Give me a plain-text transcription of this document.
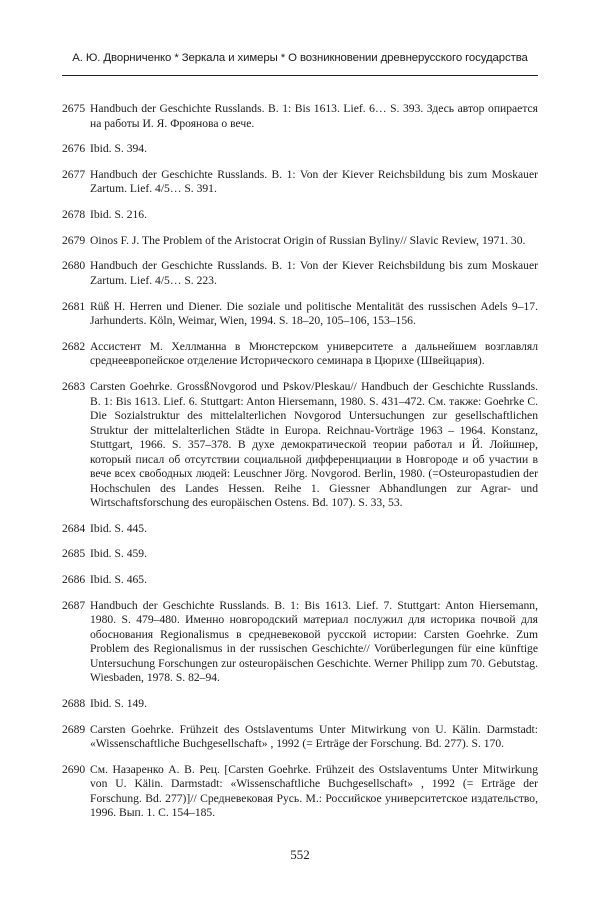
А. Ю. Дворниченко * Зеркала и химеры * О возникновении древнерусского государства
2675 Handbuch der Geschichte Russlands. B. 1: Bis 1613. Lief. 6… S. 393. Здесь автор опирается на работы И. Я. Фроянова о вече.
2676 Ibid. S. 394.
2677 Handbuch der Geschichte Russlands. B. 1: Von der Kiever Reichsbildung bis zum Moskauer Zartum. Lief. 4/5… S. 391.
2678 Ibid. S. 216.
2679 Oinos F. J. The Problem of the Aristocrat Origin of Russian Byliny// Slavic Review, 1971. 30.
2680 Handbuch der Geschichte Russlands. B. 1: Von der Kiever Reichsbildung bis zum Moskauer Zartum. Lief. 4/5… S. 223.
2681 Rüß H. Herren und Diener. Die soziale und politische Mentalität des russischen Adels 9–17. Jarhunderts. Köln, Weimar, Wien, 1994. S. 18–20, 105–106, 153–156.
2682 Ассистент М. Хеллманна в Мюнстерском университете а дальнейшем возглавлял среднеевропейское отделение Исторического семинара в Цюрихе (Швейцария).
2683 Carsten Goehrke. GrossßNovgorod und Pskov/Pleskau// Handbuch der Geschichte Russlands. B. 1: Bis 1613. Lief. 6. Stuttgart: Anton Hiersemann, 1980. S. 431–472. См. также: Goehrke C. Die Sozialstruktur des mittelalterlichen Novgorod Untersuchungen zur gesellschaftlichen Struktur der mittelalterlichen Städte in Europa. Reichnau-Vorträge 1963 – 1964. Konstanz, Stuttgart, 1966. S. 357–378. В духе демократической теории работал и Й. Лойшнер, который писал об отсутствии социальной дифференциации в Новгороде и об участии в вече всех свободных людей: Leuschner Jörg. Novgorod. Berlin, 1980. (=Osteuropastudien der Hochschulen des Landes Hessen. Reihe 1. Giessner Abhandlungen zur Agrar- und Wirtschaftsforschung des europäischen Ostens. Bd. 107). S. 33, 53.
2684 Ibid. S. 445.
2685 Ibid. S. 459.
2686 Ibid. S. 465.
2687 Handbuch der Geschichte Russlands. B. 1: Bis 1613. Lief. 7. Stuttgart: Anton Hiersemann, 1980. S. 479–480. Именно новгородский материал послужил для историка почвой для обоснования Regionalismus в средневековой русской истории: Carsten Goehrke. Zum Problem des Regionalismus in der russischen Geschichte// Vorüberlegungen für eine künftige Untersuchung Forschungen zur osteuropäischen Geschichte. Werner Philipp zum 70. Gebutstag. Wiesbaden, 1978. S. 82–94.
2688 Ibid. S. 149.
2689 Carsten Goehrke. Frühzeit des Ostslaventums Unter Mitwirkung von U. Kälin. Darmstadt: «Wissenschaftliche Buchgesellschaft» , 1992 (= Erträge der Forschung. Bd. 277). S. 170.
2690 См. Назаренко А. В. Рец. [Carsten Goehrke. Frühzeit des Ostslaventums Unter Mitwirkung von U. Kälin. Darmstadt: «Wissenschaftliche Buchgesellschaft» , 1992 (= Erträge der Forschung. Bd. 277)]// Средневековая Русь. М.: Российское университетское издательство, 1996. Вып. 1. С. 154–185.
552
